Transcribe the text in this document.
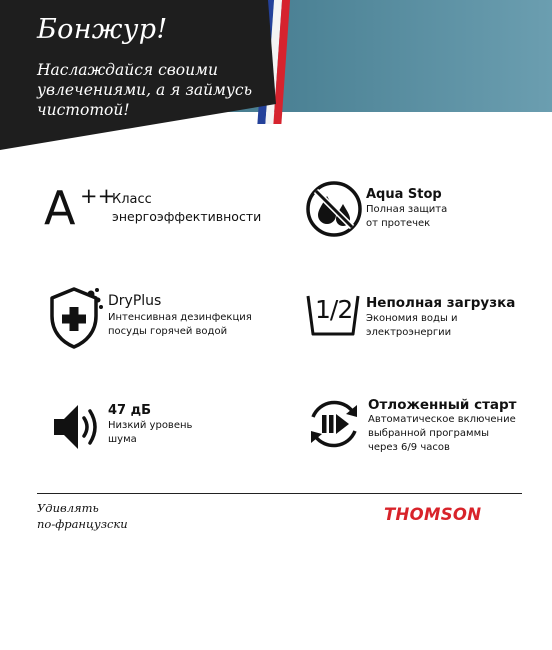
Бонжур!

Наслаждайся своими увлечениями, а я займусь чистотой!

A ++
Класс
энергоэффективности
Aqua Stop
Полная защита
от протечек
DryPlus
Интенсивная дезинфекция
посуды горячей водой
1/2 Неполная загрузка
Экономия воды и
электроэнергии
47 дБ
Низкий уровень
шума
Отложенный старт
Автоматическое включение
выбранной программы
через 6/9 часов

Удивлять
по-французски	THOMSON
